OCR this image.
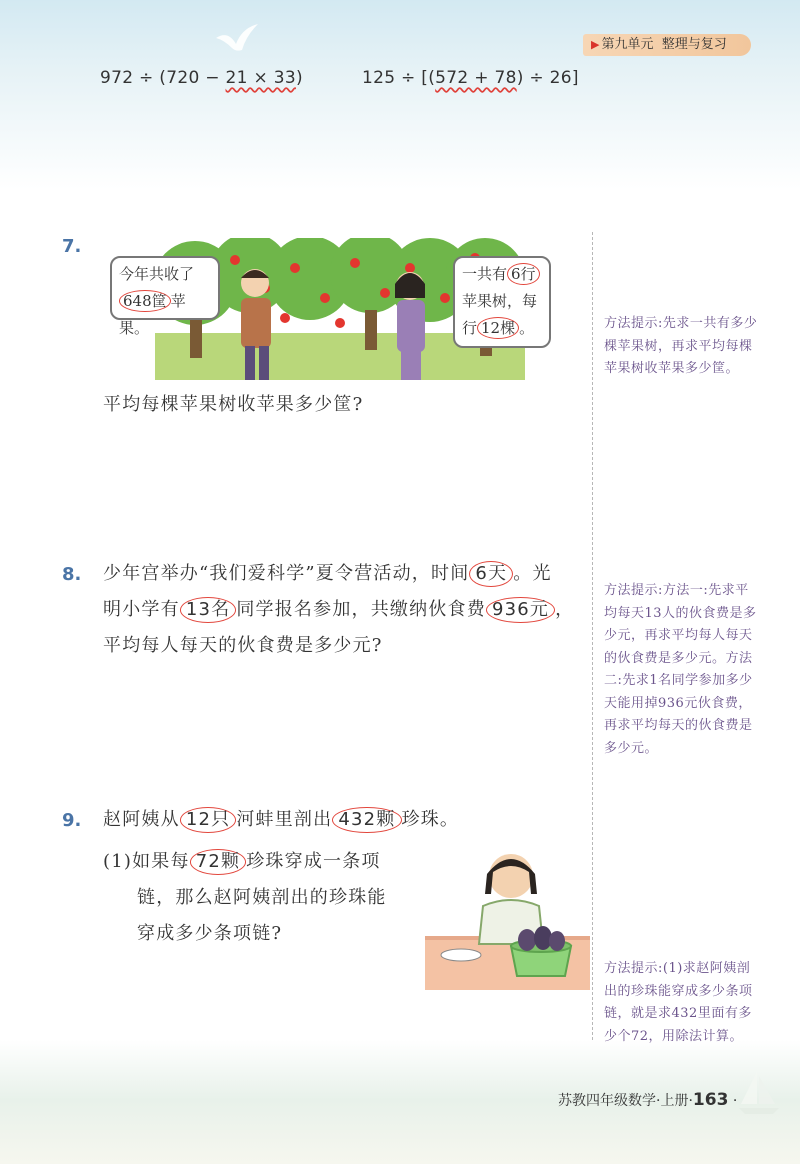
▶ 第九单元 整理与复习
972 ÷ (720 − 21 × 33)	125 ÷ [(572 + 78) ÷ 26]
7.
今年共收了
648筐 苹果。
一共有 6行
苹果树，每
行 12棵 。
平均每棵苹果树收苹果多少筐?
方法提示:先求一共有多少棵苹果树，再求平均每棵苹果树收苹果多少筐。
8. 少年宫举办“我们爱科学”夏令营活动，时间 6天 。光
明小学有 13名 同学报名参加，共缴纳伙食费 936元 ，
平均每人每天的伙食费是多少元?
方法提示:方法一:先求平均每天13人的伙食费是多少元，再求平均每人每天的伙食费是多少元。方法二:先求1名同学参加多少天能用掉936元伙食费，再求平均每天的伙食费是多少元。
9. 赵阿姨从 12只 河蚌里剖出 432颗 珍珠。
(1)如果每 72颗 珍珠穿成一条项
链，那么赵阿姨剖出的珍珠能
穿成多少条项链?
方法提示:(1)求赵阿姨剖出的珍珠能穿成多少条项链，就是求432里面有多少个72，用除法计算。
苏教四年级数学·上册·163 ·
